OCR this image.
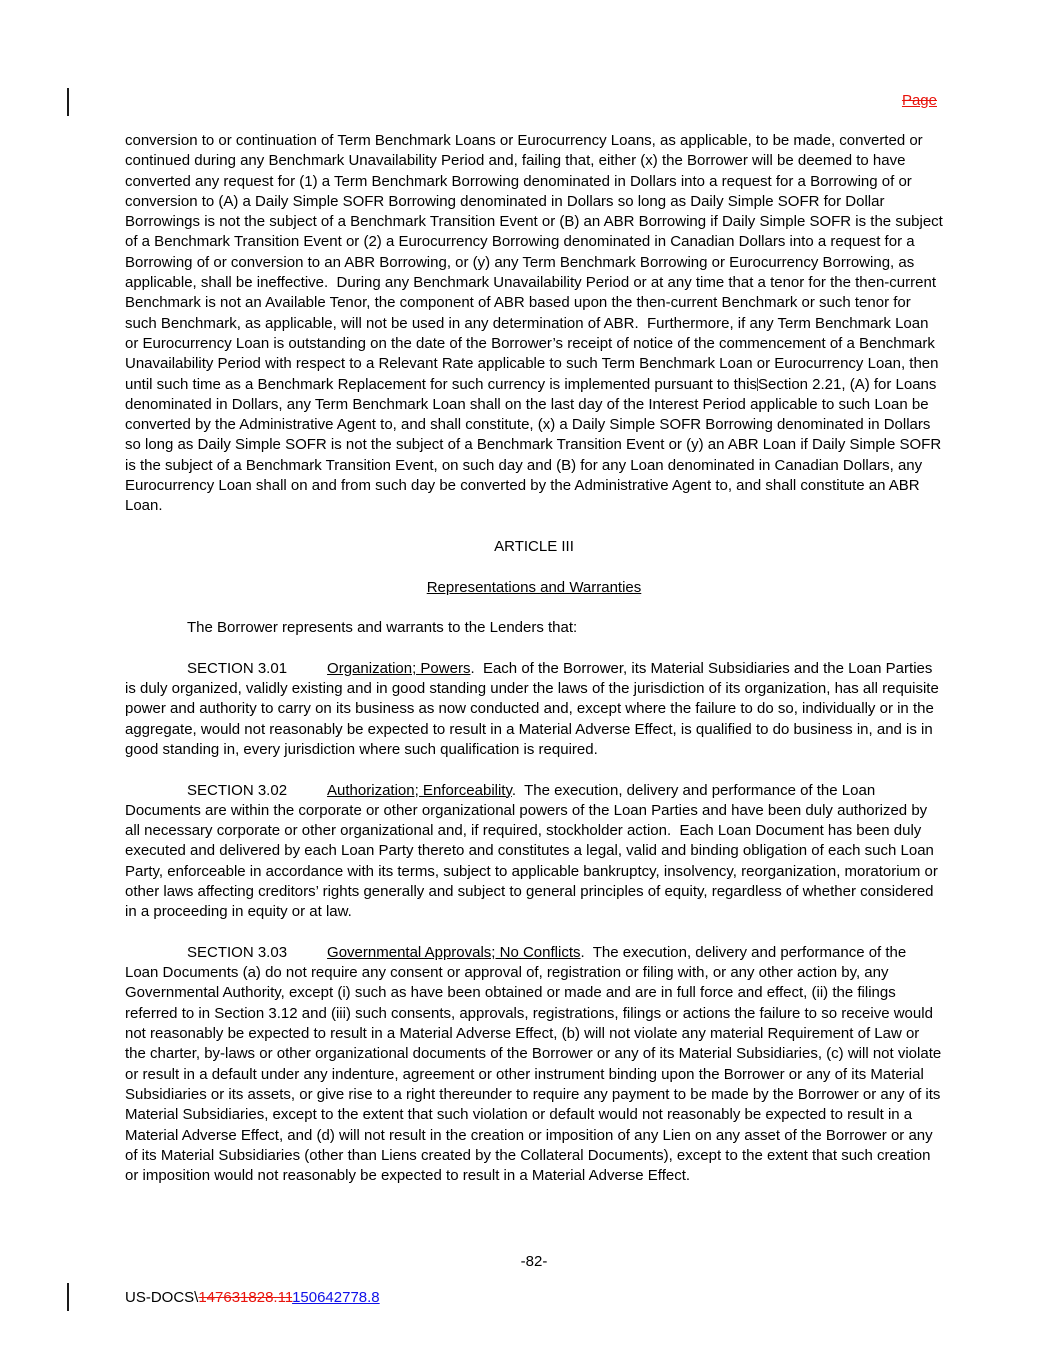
Page

conversion to or continuation of Term Benchmark Loans or Eurocurrency Loans, as applicable, to be made, converted or continued during any Benchmark Unavailability Period and, failing that, either (x) the Borrower will be deemed to have converted any request for (1) a Term Benchmark Borrowing denominated in Dollars into a request for a Borrowing of or conversion to (A) a Daily Simple SOFR Borrowing denominated in Dollars so long as Daily Simple SOFR for Dollar Borrowings is not the subject of a Benchmark Transition Event or (B) an ABR Borrowing if Daily Simple SOFR is the subject of a Benchmark Transition Event or (2) a Eurocurrency Borrowing denominated in Canadian Dollars into a request for a Borrowing of or conversion to an ABR Borrowing, or (y) any Term Benchmark Borrowing or Eurocurrency Borrowing, as applicable, shall be ineffective.  During any Benchmark Unavailability Period or at any time that a tenor for the then-current Benchmark is not an Available Tenor, the component of ABR based upon the then-current Benchmark or such tenor for such Benchmark, as applicable, will not be used in any determination of ABR.  Furthermore, if any Term Benchmark Loan or Eurocurrency Loan is outstanding on the date of the Borrower’s receipt of notice of the commencement of a Benchmark Unavailability Period with respect to a Relevant Rate applicable to such Term Benchmark Loan or Eurocurrency Loan, then until such time as a Benchmark Replacement for such currency is implemented pursuant to thisSection 2.21, (A) for Loans denominated in Dollars, any Term Benchmark Loan shall on the last day of the Interest Period applicable to such Loan be converted by the Administrative Agent to, and shall constitute, (x) a Daily Simple SOFR Borrowing denominated in Dollars so long as Daily Simple SOFR is not the subject of a Benchmark Transition Event or (y) an ABR Loan if Daily Simple SOFR is the subject of a Benchmark Transition Event, on such day and (B) for any Loan denominated in Canadian Dollars, any Eurocurrency Loan shall on and from such day be converted by the Administrative Agent to, and shall constitute an ABR Loan.

ARTICLE III

Representations and Warranties

The Borrower represents and warrants to the Lenders that:

SECTION 3.01	Organization; Powers.  Each of the Borrower, its Material Subsidiaries and the Loan Parties is duly organized, validly existing and in good standing under the laws of the jurisdiction of its organization, has all requisite power and authority to carry on its business as now conducted and, except where the failure to do so, individually or in the aggregate, would not reasonably be expected to result in a Material Adverse Effect, is qualified to do business in, and is in good standing in, every jurisdiction where such qualification is required.

SECTION 3.02	Authorization; Enforceability.  The execution, delivery and performance of the Loan Documents are within the corporate or other organizational powers of the Loan Parties and have been duly authorized by all necessary corporate or other organizational and, if required, stockholder action.  Each Loan Document has been duly executed and delivered by each Loan Party thereto and constitutes a legal, valid and binding obligation of each such Loan Party, enforceable in accordance with its terms, subject to applicable bankruptcy, insolvency, reorganization, moratorium or other laws affecting creditors’ rights generally and subject to general principles of equity, regardless of whether considered in a proceeding in equity or at law.

SECTION 3.03	Governmental Approvals; No Conflicts.  The execution, delivery and performance of the Loan Documents (a) do not require any consent or approval of, registration or filing with, or any other action by, any Governmental Authority, except (i) such as have been obtained or made and are in full force and effect, (ii) the filings referred to in Section 3.12 and (iii) such consents, approvals, registrations, filings or actions the failure to so receive would not reasonably be expected to result in a Material Adverse Effect, (b) will not violate any material Requirement of Law or the charter, by-laws or other organizational documents of the Borrower or any of its Material Subsidiaries, (c) will not violate or result in a default under any indenture, agreement or other instrument binding upon the Borrower or any of its Material Subsidiaries or its assets, or give rise to a right thereunder to require any payment to be made by the Borrower or any of its Material Subsidiaries, except to the extent that such violation or default would not reasonably be expected to result in a Material Adverse Effect, and (d) will not result in the creation or imposition of any Lien on any asset of the Borrower or any of its Material Subsidiaries (other than Liens created by the Collateral Documents), except to the extent that such creation or imposition would not reasonably be expected to result in a Material Adverse Effect.

-82-
US-DOCS\147631828.11150642778.8
